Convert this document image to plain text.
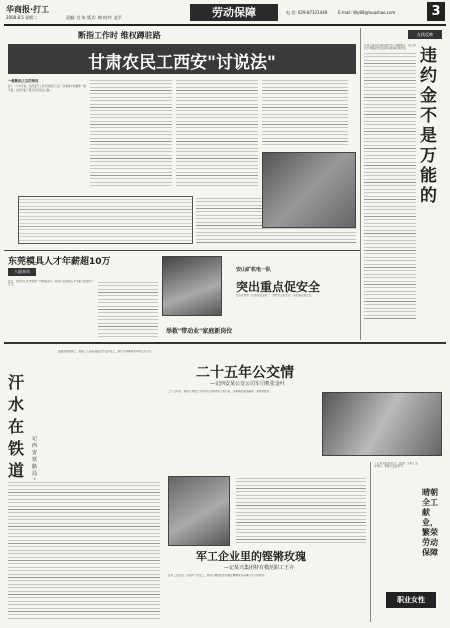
华商报·打工
2008.8.5 星期二	责编: 任 朱 版式: 韩 校对: 北平	劳动保障	电 话: 029-87321449	E-mail: Wy88@huashao.com	3
断指工作时 维权蹲驻路
甘肃农民工西安"讨说法"
一截断指之后的维权
赶十一个多月前，在西安打工的甘肃农民工在一次事故中被截断一根手指，从此开始了漫长的讨说法之路。
在线反映
违约金不是万能的
劳动合同法对违约金作出了明确规定，用人单位不得随意约定由劳动者承担违约金。
东莞模具人才年薪超10万
八面来风
近日，东莞市人才市场的一份调查显示，模具行业高级人才年薪已经超过十万元。
举救"带动业"家庭新岗位
安山矿机电一队
突出重点促安全
安山矿机电一队坚持安全第一、预防为主的方针，突出重点抓安全。
汗水在铁道
记西安铁路局
盛夏的铁道线上，铁路工人冒着高温坚守在岗位上，用汗水保障着列车的安全运行。
二十五年公交情
—记西安某公交公司车司机张金叶
二十五年来，她每天驾驶公交车穿行在城市的大街小巷，用真诚的服务赢得了乘客的赞誉。
军工企业里的铿锵玫瑰
—记某兴集团特有模范职工王卉
在军工企业里，有这样一位女工，她以过硬的技术和敬业精神成为同事们学习的榜样。
八月是炎热的季节，也是广大职工坚守岗位、奉献力量的季节。
晴朝全工献业，繁荣劳动保障
职业女性
